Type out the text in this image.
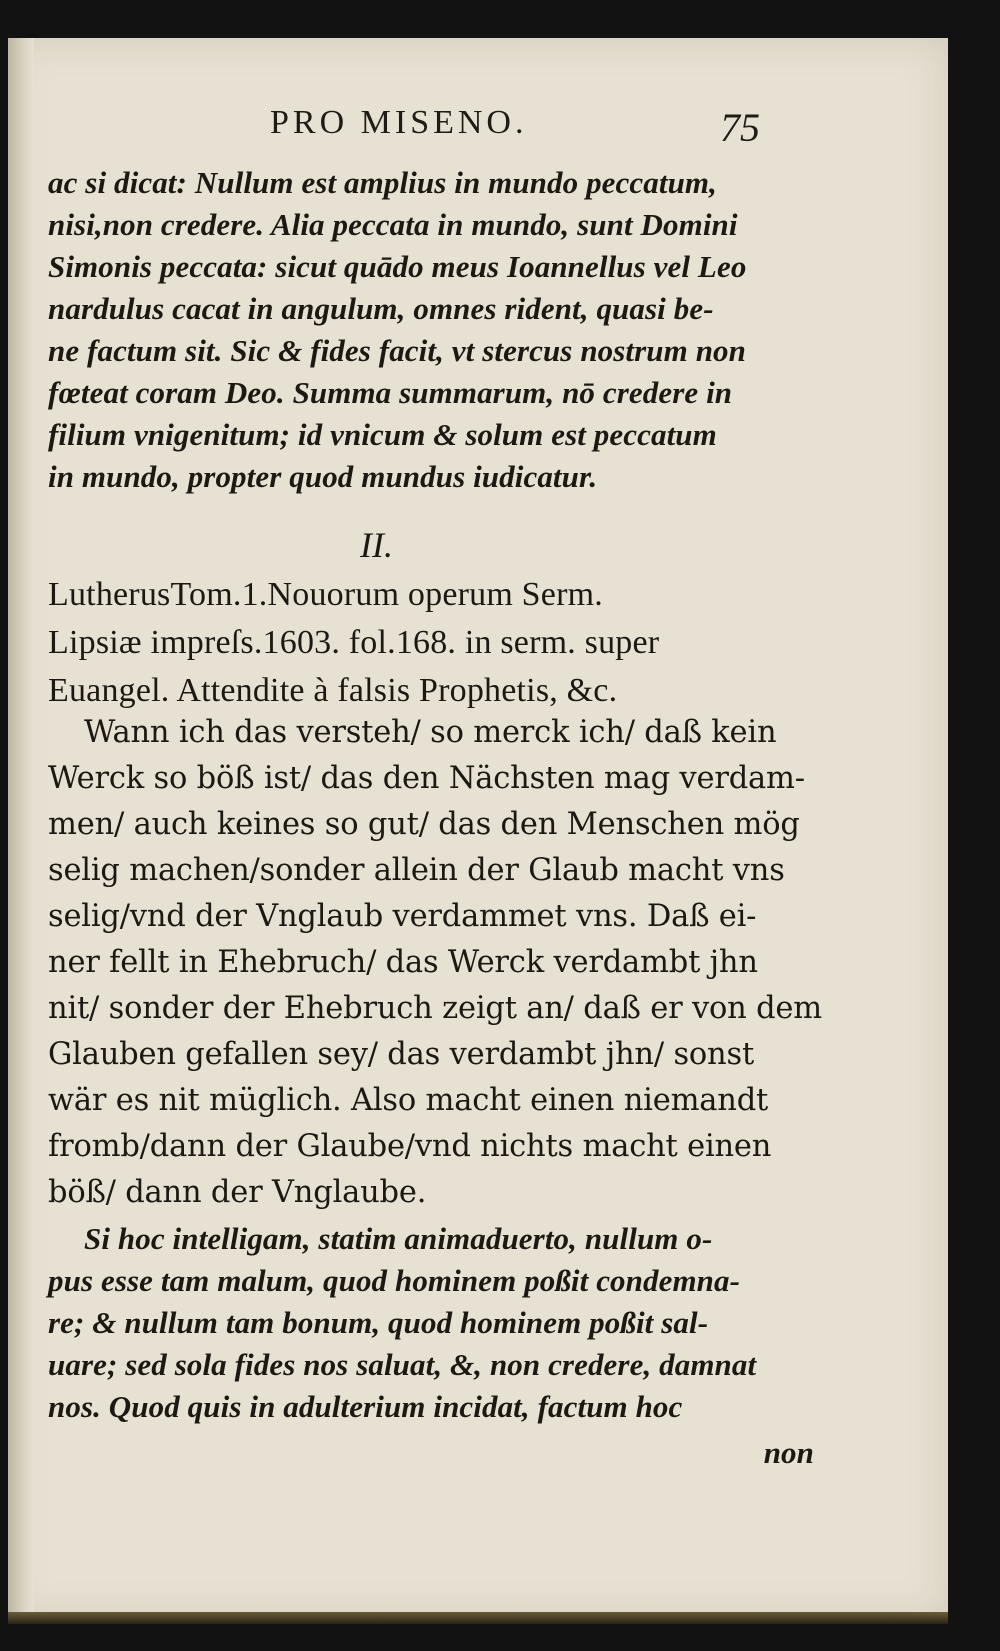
PRO MISENO.	75
ac si dicat: Nullum est amplius in mundo peccatum,
nisi,non credere. Alia peccata in mundo, sunt Domini
Simonis peccata: sicut quādo meus Ioannellus vel Leo
nardulus cacat in angulum, omnes rident, quasi be-
ne factum sit. Sic & fides facit, vt stercus nostrum non
fœteat coram Deo. Summa summarum, nō credere in
filium vnigenitum; id vnicum & solum est peccatum
in mundo, propter quod mundus iudicatur.
II.
LutherusTom.1.Nouorum operum Serm.
Lipsiæ impreſs.1603. fol.168. in serm. super
Euangel. Attendite à falsis Prophetis, &c.
Wann ich das versteh/ so merck ich/ daß kein
Werck so böß ist/ das den Nächsten mag verdam-
men/ auch keines so gut/ das den Menschen mög
selig machen/sonder allein der Glaub macht vns
selig/vnd der Vnglaub verdammet vns. Daß ei-
ner fellt in Ehebruch/ das Werck verdambt jhn
nit/ sonder der Ehebruch zeigt an/ daß er von dem
Glauben gefallen sey/ das verdambt jhn/ sonst
wär es nit müglich. Also macht einen niemandt
fromb/dann der Glaube/vnd nichts macht einen
böß/ dann der Vnglaube.
Si hoc intelligam, statim animaduerto, nullum o-
pus esse tam malum, quod hominem poßit condemna-
re; & nullum tam bonum, quod hominem poßit sal-
uare; sed sola fides nos saluat, &, non credere, damnat
nos. Quod quis in adulterium incidat, factum hoc
non
